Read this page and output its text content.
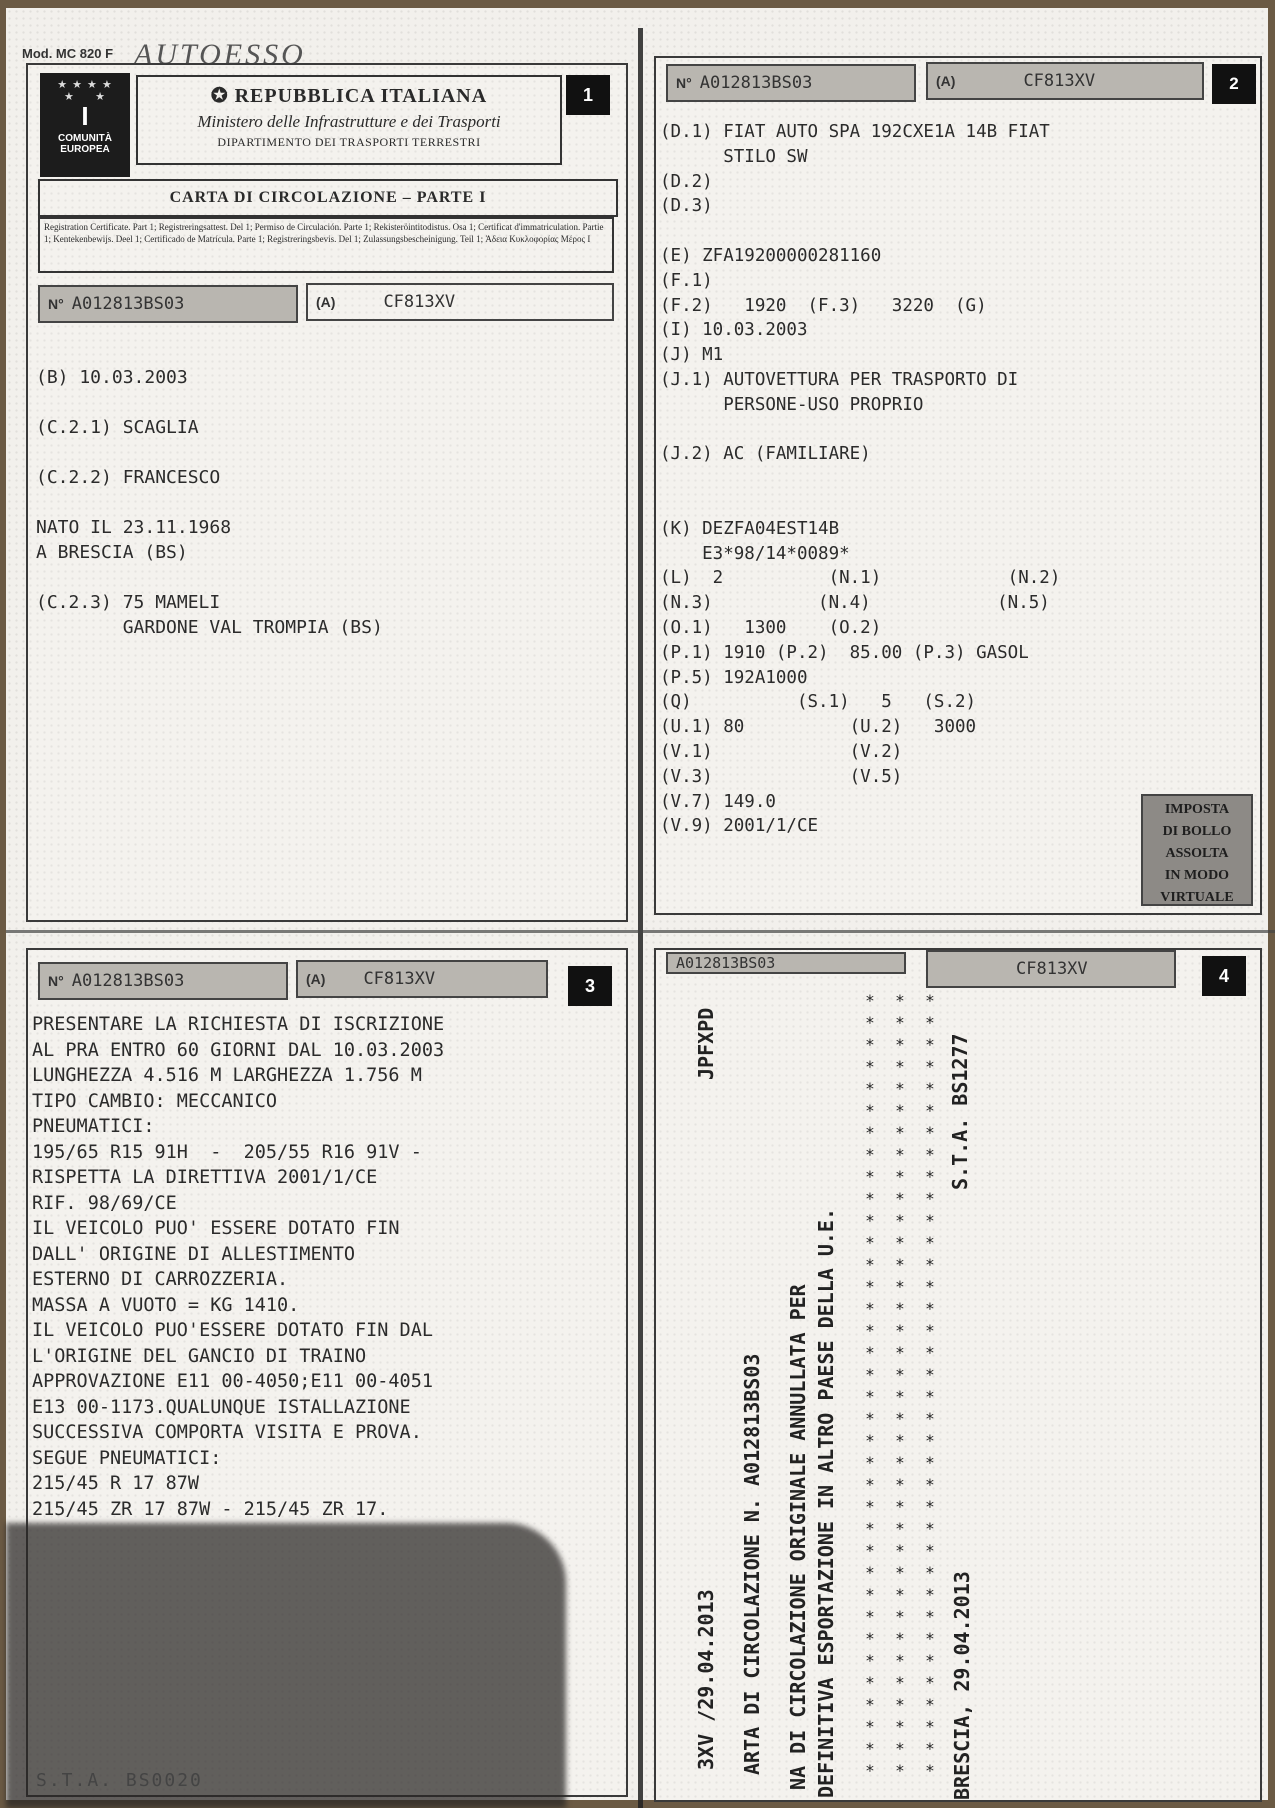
Mod. MC 820 F AUTOESSO
★ ★ ★ ★
★     ★
I
COMUNITÀ EUROPEA
✪ REPUBBLICA ITALIANA
Ministero delle Infrastrutture e dei Trasporti
DIPARTIMENTO DEI TRASPORTI TERRESTRI
1
CARTA DI CIRCOLAZIONE – PARTE I
Registration Certificate. Part 1; Registreringsattest. Del 1; Permiso de Circulación. Parte 1; Rekisteröintitodistus. Osa 1; Certificat d'immatriculation. Partie 1; Kentekenbewijs. Deel 1; Certificado de Matrícula. Parte 1; Registreringsbevis. Del 1; Zulassungsbescheinigung. Teil 1; Άδεια Κυκλοφορίας Μέρος Ι
N° A012813BS03	(A)	CF813XV
(B) 10.03.2003

(C.2.1) SCAGLIA

(C.2.2) FRANCESCO

NATO IL 23.11.1968
A BRESCIA (BS)

(C.2.3) 75 MAMELI
GARDONE VAL TROMPIA (BS)
N° A012813BS03	(A)	CF813XV	2
(D.1) FIAT AUTO SPA 192CXE1A 14B FIAT
STILO SW
(D.2)
(D.3)

(E) ZFA19200000281160
(F.1)
(F.2)   1920  (F.3)   3220  (G)
(I) 10.03.2003
(J) M1
(J.1) AUTOVETTURA PER TRASPORTO DI
PERSONE-USO PROPRIO

(J.2) AC (FAMILIARE)

(K) DEZFA04EST14B
E3*98/14*0089*
(L)  2          (N.1)            (N.2)
(N.3)          (N.4)            (N.5)
(O.1)   1300    (O.2)
(P.1) 1910 (P.2)  85.00 (P.3) GASOL
(P.5) 192A1000
(Q)          (S.1)   5   (S.2)
(U.1) 80          (U.2)   3000
(V.1)             (V.2)
(V.3)             (V.5)
(V.7) 149.0
(V.9) 2001/1/CE
IMPOSTA
DI BOLLO
ASSOLTA
IN MODO
VIRTUALE
N° A012813BS03	(A) CF813XV	3
PRESENTARE LA RICHIESTA DI ISCRIZIONE
AL PRA ENTRO 60 GIORNI DAL 10.03.2003
LUNGHEZZA 4.516 M LARGHEZZA 1.756 M
TIPO CAMBIO: MECCANICO
PNEUMATICI:
195/65 R15 91H  -  205/55 R16 91V -
RISPETTA LA DIRETTIVA 2001/1/CE
RIF. 98/69/CE
IL VEICOLO PUO' ESSERE DOTATO FIN
DALL' ORIGINE DI ALLESTIMENTO
ESTERNO DI CARROZZERIA.
MASSA A VUOTO = KG 1410.
IL VEICOLO PUO'ESSERE DOTATO FIN DAL
L'ORIGINE DEL GANCIO DI TRAINO
APPROVAZIONE E11 00-4050;E11 00-4051
E13 00-1173.QUALUNQUE ISTALLAZIONE
SUCCESSIVA COMPORTA VISITA E PROVA.
SEGUE PNEUMATICI:
215/45 R 17 87W
215/45 ZR 17 87W - 215/45 ZR 17.
A012813BS03	CF813XV	4
JPFXPD
3XV /29.04.2013 ARTA DI CIRCOLAZIONE N. A012813BS03 NA DI CIRCOLAZIONE ORIGINALE ANNULLATA PER DEFINITIVA ESPORTAZIONE IN ALTRO PAESE DELLA U.E.	BRESCIA, 29.04.2013
S.T.A. BS1277
*
*
*
*
*
*
*
*
*
*
*
*
*
*
*
*
*
*
*
*
*
*
*
*
*
*
*
*
*
*
*
*
*
*
*
*
*
*
*
*
*
*
*
*
*
*
*
*
*
*
*
*
*
*
*
*
*
*
*
*
*
*
*
*
*
*
*
*
*
*
*
*
*
*
*
*
*
*
*
*
*
*
*
*
*
*
*
*
*
*
*
*
*
*
*
*
*
*
*
*
*
*
*
*
*
*
*
*
S.T.A. BS0020
